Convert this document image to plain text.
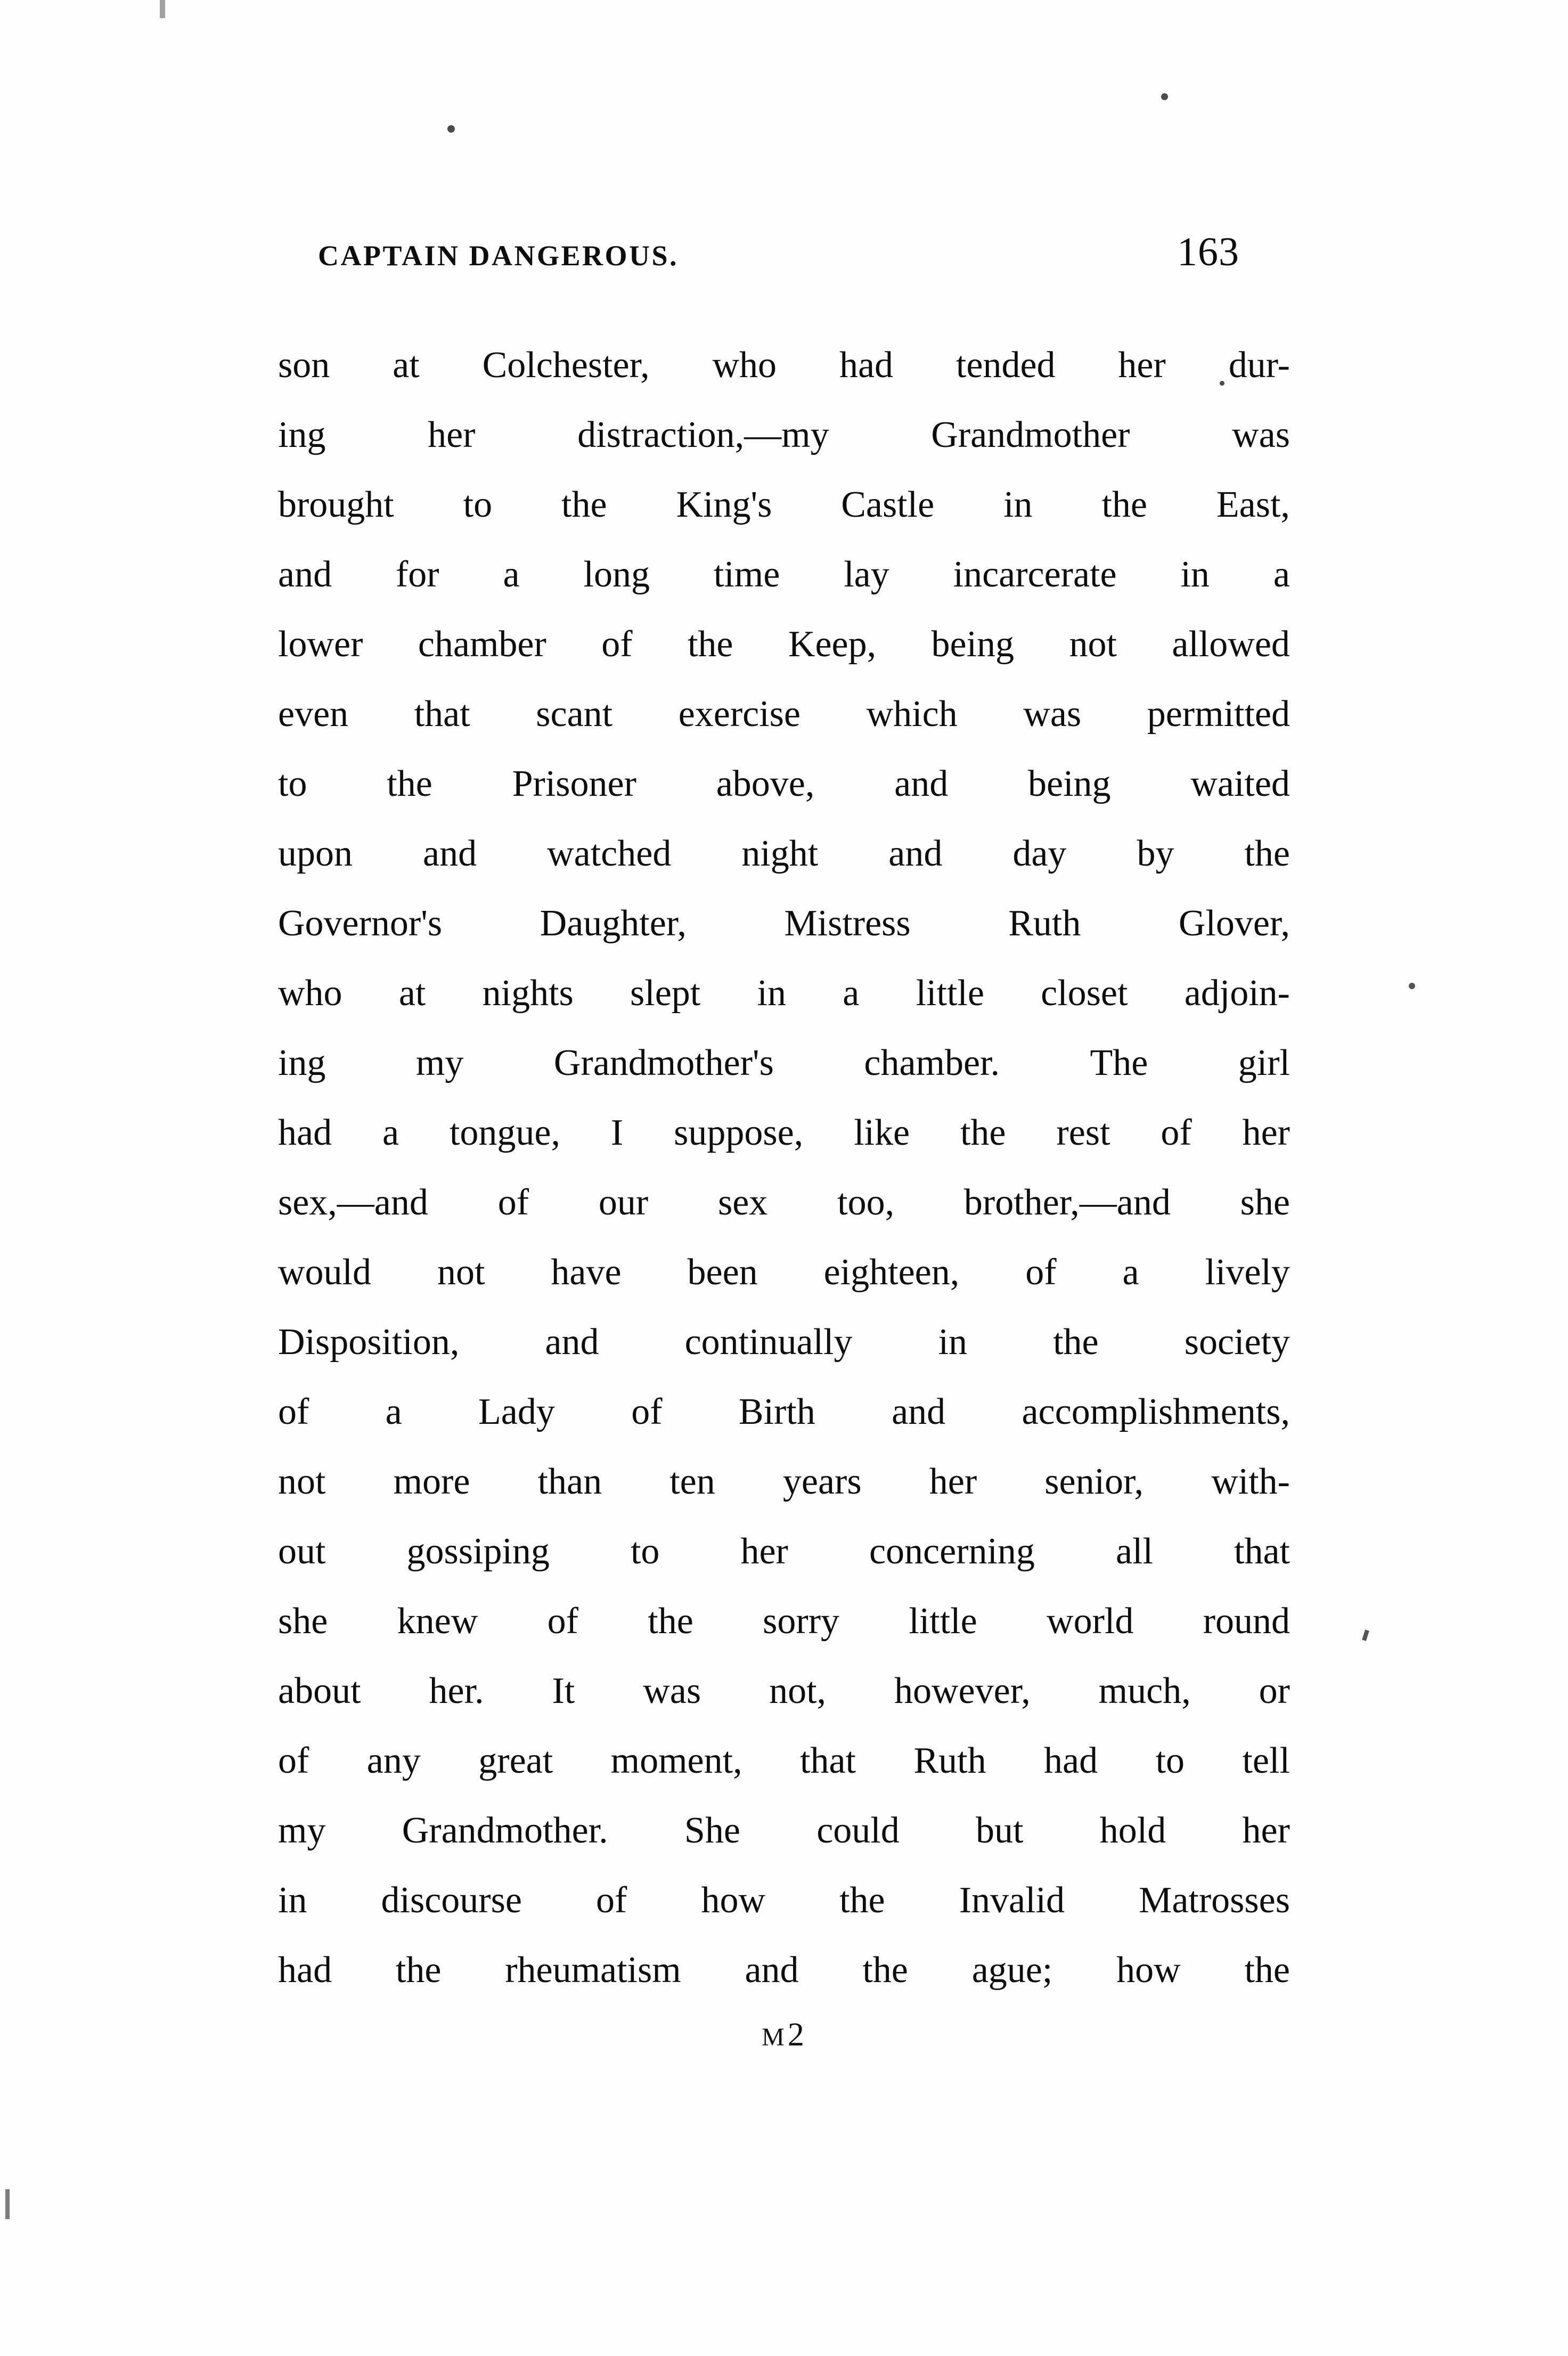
CAPTAIN DANGEROUS.	163
son at Colchester, who had tended her dur-
ing	her	distraction,—my	Grandmother	was
brought to the King's Castle in the East,
and for a long time lay incarcerate in a
lower chamber of the Keep, being not allowed
even that scant exercise which was permitted
to the Prisoner above, and being waited
upon and watched night and day by the
Governor's	Daughter,	Mistress	Ruth	Glover,
who at nights slept in a little closet adjoin-
ing my Grandmother's chamber. The girl
had a tongue, I suppose, like the rest of her
sex,—and of our sex too, brother,—and she
would not have been eighteen, of a lively
Disposition, and continually in the society
of a Lady of Birth and accomplishments,
not more than ten years her senior, with-
out gossiping to her concerning all that
she knew of the sorry little world round
about her. It was not, however, much, or
of any great moment, that Ruth had to tell
my Grandmother. She could but hold her
in discourse of how the Invalid Matrosses
had the rheumatism and the ague; how the
M2
